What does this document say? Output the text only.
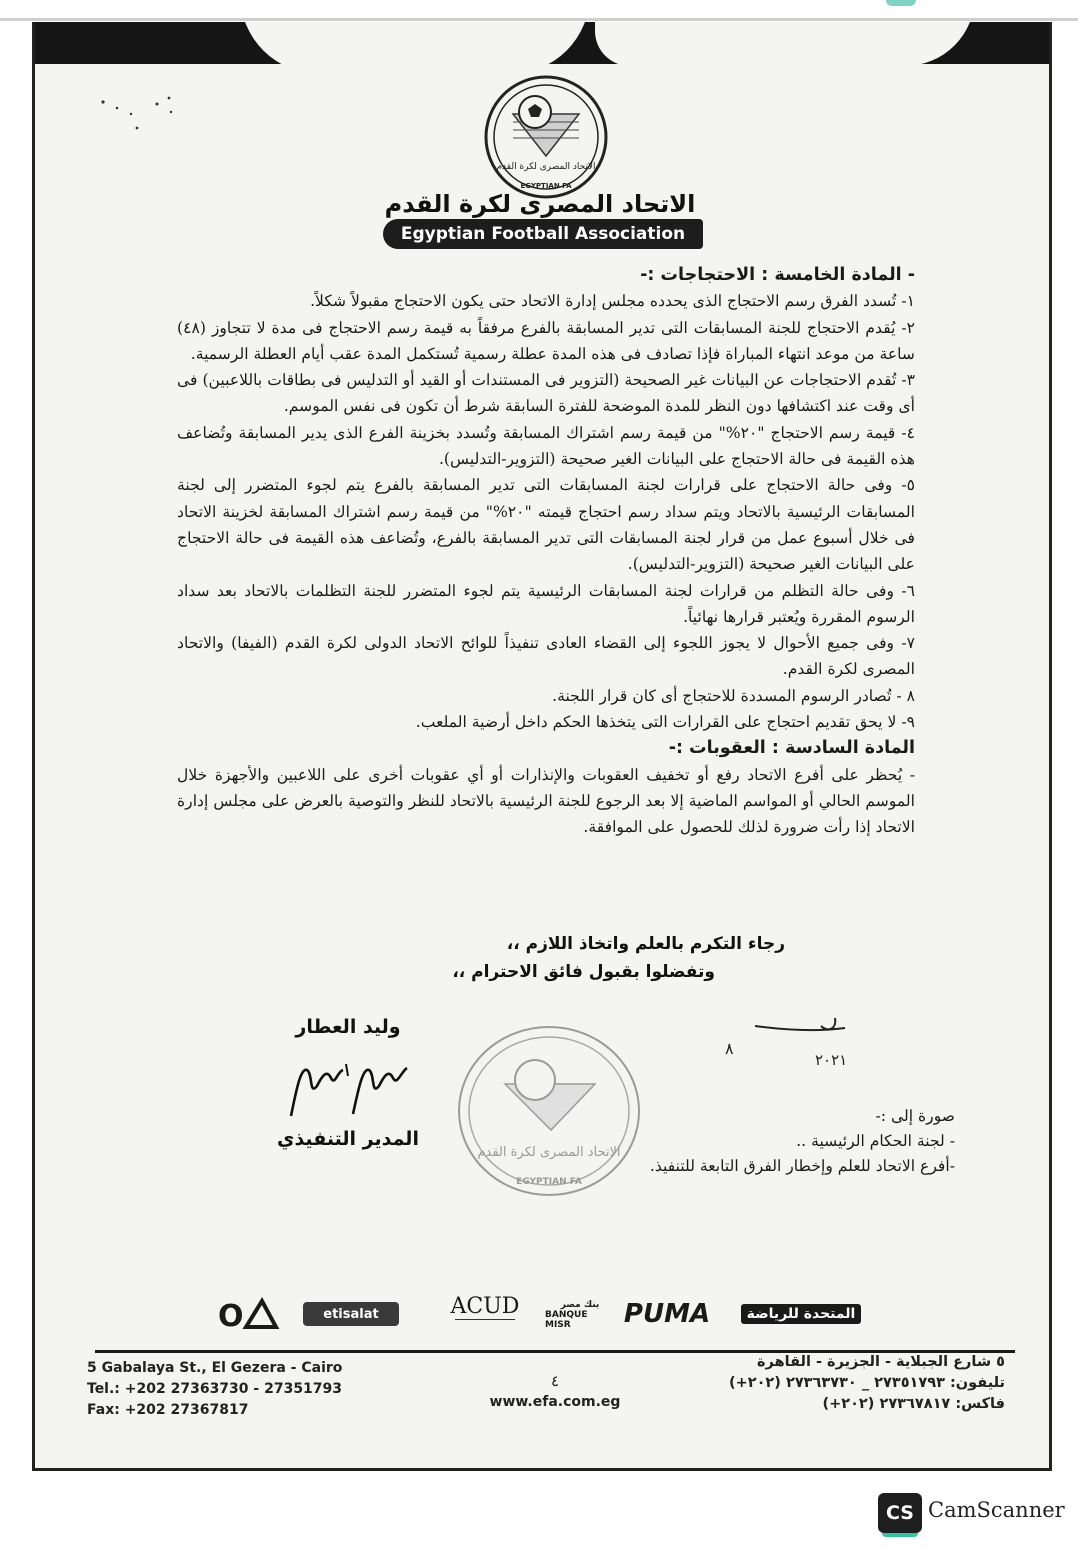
الاتحاد المصرى لكرة القدم
EGYPTIAN FA
الاتحاد المصرى لكرة القدم
Egyptian Football Association

- المادة الخامسة : الاحتجاجات :-

١- تُسدد الفرق رسم الاحتجاج الذى يحدده مجلس إدارة الاتحاد حتى يكون الاحتجاج مقبولاً شكلاً.

٢- يُقدم الاحتجاج للجنة المسابقات التى تدير المسابقة بالفرع مرفقاً به قيمة رسم الاحتجاج فى مدة لا تتجاوز (٤٨) ساعة من موعد انتهاء المباراة فإذا تصادف فى هذه المدة عطلة رسمية تُستكمل المدة عقب أيام العطلة الرسمية.

٣- تُقدم الاحتجاجات عن البيانات غير الصحيحة (التزوير فى المستندات أو القيد أو التدليس فى بطاقات باللاعبين) فى أى وقت عند اكتشافها دون النظر للمدة الموضحة للفترة السابقة شرط أن تكون فى نفس الموسم.

٤- قيمة رسم الاحتجاج "٢٠%" من قيمة رسم اشتراك المسابقة وتُسدد بخزينة الفرع الذى يدير المسابقة وتُضاعف هذه القيمة فى حالة الاحتجاج على البيانات الغير صحيحة (التزوير-التدليس).

٥- وفى حالة الاحتجاج على قرارات لجنة المسابقات التى تدير المسابقة بالفرع يتم لجوء المتضرر إلى لجنة المسابقات الرئيسية بالاتحاد ويتم سداد رسم احتجاج قيمته "٢٠%" من قيمة رسم اشتراك المسابقة لخزينة الاتحاد فى خلال أسبوع عمل من قرار لجنة المسابقات التى تدير المسابقة بالفرع، وتُضاعف هذه القيمة فى حالة الاحتجاج على البيانات الغير صحيحة (التزوير-التدليس).

٦- وفى حالة التظلم من قرارات لجنة المسابقات الرئيسية يتم لجوء المتضرر للجنة التظلمات بالاتحاد بعد سداد الرسوم المقررة ويُعتبر قرارها نهائياً.

٧- وفى جميع الأحوال لا يجوز اللجوء إلى القضاء العادى تنفيذاً للوائح الاتحاد الدولى لكرة القدم (الفيفا) والاتحاد المصرى لكرة القدم.

٨ - تُصادر الرسوم المسددة للاحتجاج أى كان قرار اللجنة.

٩- لا يحق تقديم احتجاج على القرارات التى يتخذها الحكم داخل أرضية الملعب.

المادة السادسة : العقوبات :-

- يُحظر على أفرع الاتحاد رفع أو تخفيف العقوبات والإنذارات أو أي عقوبات أخرى على اللاعبين والأجهزة خلال الموسم الحالي أو المواسم الماضية إلا بعد الرجوع للجنة الرئيسية بالاتحاد للنظر والتوصية بالعرض على مجلس إدارة الاتحاد إذا رأت ضرورة لذلك للحصول على الموافقة.

رجاء التكرم بالعلم واتخاذ اللازم ،،
وتفضلوا بقبول فائق الاحترام ،،
٢٠٢١
٨
وليد العطار
المدير التنفيذي
الاتحاد المصرى لكرة القدم
EGYPTIAN FA
صورة إلى :-
- لجنة الحكام الرئيسية ..
-أفرع الاتحاد للعلم وإخطار الفرق التابعة للتنفيذ.
O	etisalat	ACUD	بنك مصر
BANQUE MISR	PUMA	المتحدة للرياضة
5 Gabalaya St., El Gezera - Cairo
Tel.: +202 27363730 - 27351793
Fax: +202 27367817
٤
www.efa.com.eg
٥ شارع الجبلاية - الجزيرة - القاهرة
تليفون: ٢٧٣٥١٧٩٣ _ ٢٧٣٦٣٧٣٠ (٢٠٢+)
فاكس: ٢٧٣٦٧٨١٧ (٢٠٢+)
CS CamScanner
